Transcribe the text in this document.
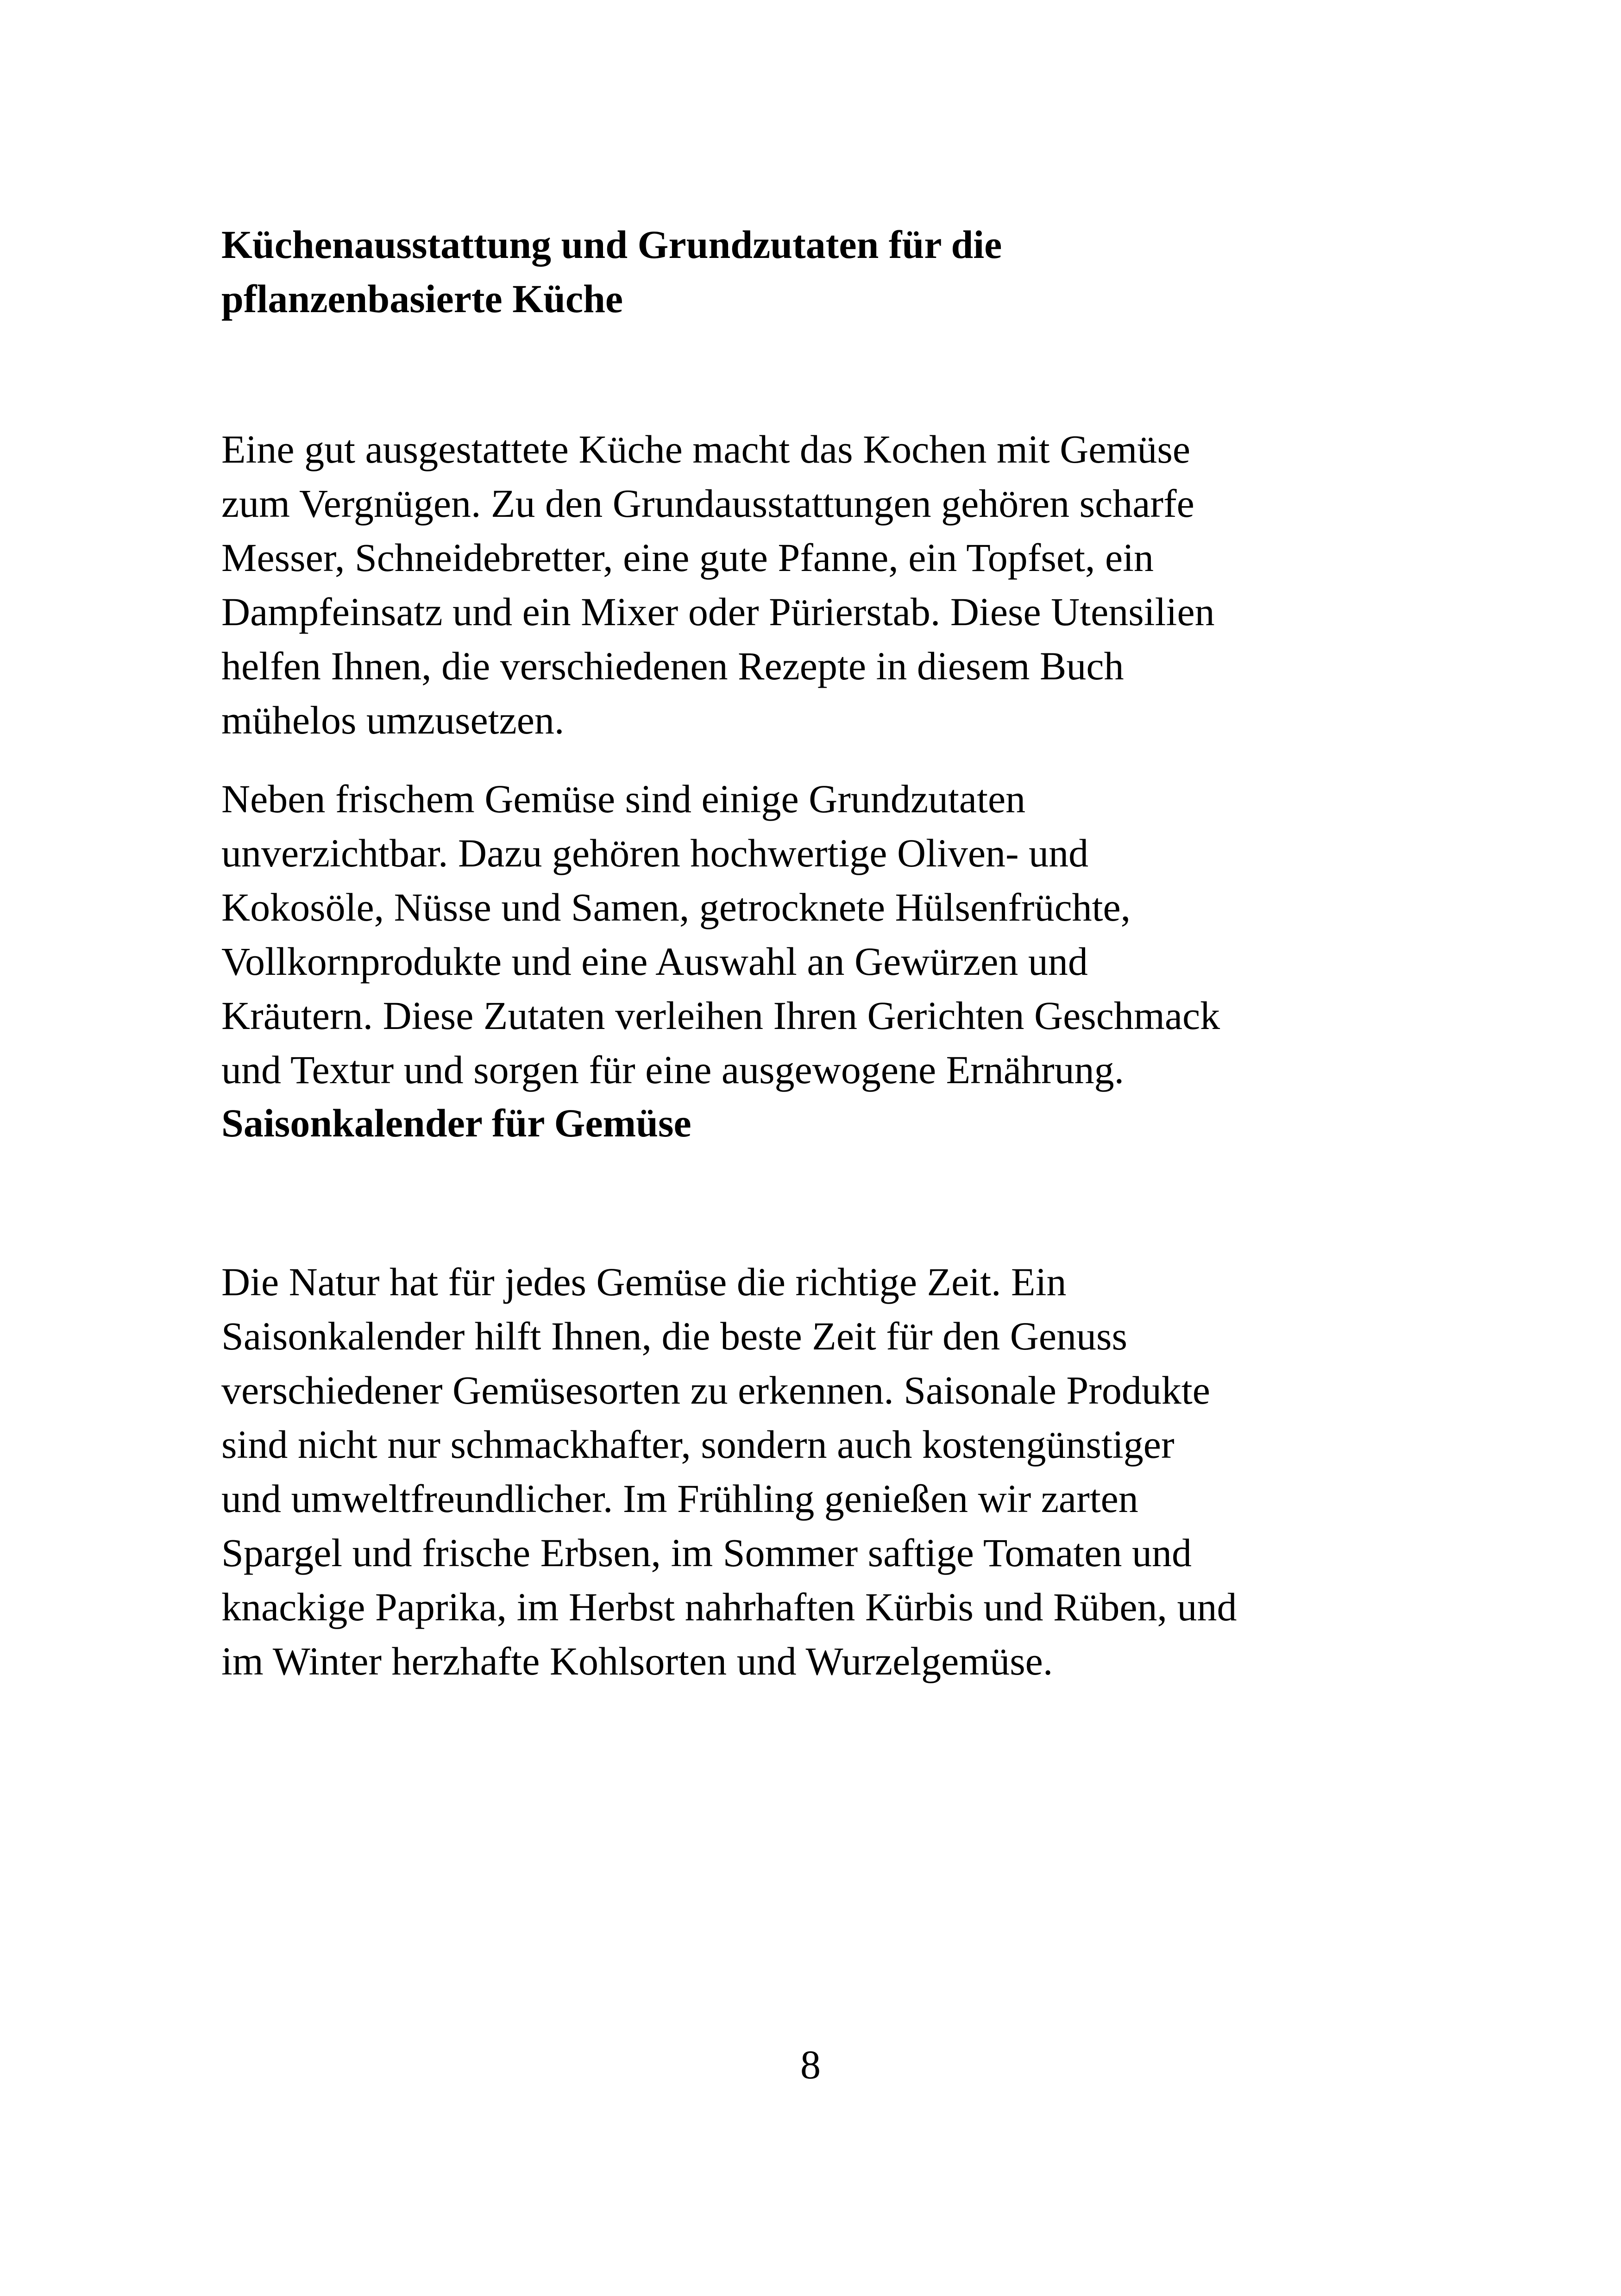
Küchenausstattung und Grundzutaten für die
pflanzenbasierte Küche

Eine gut ausgestattete Küche macht das Kochen mit Gemüse
zum Vergnügen. Zu den Grundausstattungen gehören scharfe
Messer, Schneidebretter, eine gute Pfanne, ein Topfset, ein
Dampfeinsatz und ein Mixer oder Pürierstab. Diese Utensilien
helfen Ihnen, die verschiedenen Rezepte in diesem Buch
mühelos umzusetzen.

Neben frischem Gemüse sind einige Grundzutaten
unverzichtbar. Dazu gehören hochwertige Oliven- und
Kokosöle, Nüsse und Samen, getrocknete Hülsenfrüchte,
Vollkornprodukte und eine Auswahl an Gewürzen und
Kräutern. Diese Zutaten verleihen Ihren Gerichten Geschmack
und Textur und sorgen für eine ausgewogene Ernährung.

Saisonkalender für Gemüse

Die Natur hat für jedes Gemüse die richtige Zeit. Ein
Saisonkalender hilft Ihnen, die beste Zeit für den Genuss
verschiedener Gemüsesorten zu erkennen. Saisonale Produkte
sind nicht nur schmackhafter, sondern auch kostengünstiger
und umweltfreundlicher. Im Frühling genießen wir zarten
Spargel und frische Erbsen, im Sommer saftige Tomaten und
knackige Paprika, im Herbst nahrhaften Kürbis und Rüben, und
im Winter herzhafte Kohlsorten und Wurzelgemüse.

8
